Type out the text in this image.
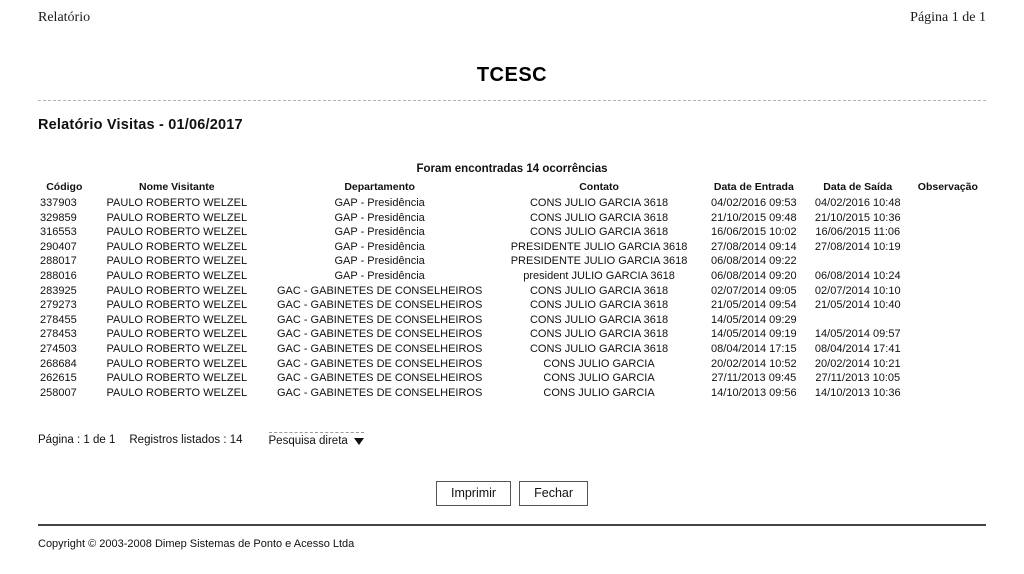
Relatório	Página 1 de 1
TCESC
Relatório Visitas - 01/06/2017
Foram encontradas 14 ocorrências
Código	Nome Visitante	Departamento	Contato	Data de Entrada	Data de Saída	Observação
337903	PAULO ROBERTO WELZEL	GAP - Presidência	CONS JULIO GARCIA 3618	04/02/2016 09:53	04/02/2016 10:48	
329859	PAULO ROBERTO WELZEL	GAP - Presidência	CONS JULIO GARCIA 3618	21/10/2015 09:48	21/10/2015 10:36	
316553	PAULO ROBERTO WELZEL	GAP - Presidência	CONS JULIO GARCIA 3618	16/06/2015 10:02	16/06/2015 11:06	
290407	PAULO ROBERTO WELZEL	GAP - Presidência	PRESIDENTE JULIO GARCIA 3618	27/08/2014 09:14	27/08/2014 10:19	
288017	PAULO ROBERTO WELZEL	GAP - Presidência	PRESIDENTE JULIO GARCIA 3618	06/08/2014 09:22		
288016	PAULO ROBERTO WELZEL	GAP - Presidência	president JULIO GARCIA 3618	06/08/2014 09:20	06/08/2014 10:24	
283925	PAULO ROBERTO WELZEL	GAC - GABINETES DE CONSELHEIROS	CONS JULIO GARCIA 3618	02/07/2014 09:05	02/07/2014 10:10	
279273	PAULO ROBERTO WELZEL	GAC - GABINETES DE CONSELHEIROS	CONS JULIO GARCIA 3618	21/05/2014 09:54	21/05/2014 10:40	
278455	PAULO ROBERTO WELZEL	GAC - GABINETES DE CONSELHEIROS	CONS JULIO GARCIA 3618	14/05/2014 09:29		
278453	PAULO ROBERTO WELZEL	GAC - GABINETES DE CONSELHEIROS	CONS JULIO GARCIA 3618	14/05/2014 09:19	14/05/2014 09:57	
274503	PAULO ROBERTO WELZEL	GAC - GABINETES DE CONSELHEIROS	CONS JULIO GARCIA 3618	08/04/2014 17:15	08/04/2014 17:41	
268684	PAULO ROBERTO WELZEL	GAC - GABINETES DE CONSELHEIROS	CONS JULIO GARCIA	20/02/2014 10:52	20/02/2014 10:21	
262615	PAULO ROBERTO WELZEL	GAC - GABINETES DE CONSELHEIROS	CONS JULIO GARCIA	27/11/2013 09:45	27/11/2013 10:05	
258007	PAULO ROBERTO WELZEL	GAC - GABINETES DE CONSELHEIROS	CONS JULIO GARCIA	14/10/2013 09:56	14/10/2013 10:36	
Página : 1 de 1 Registros listados : 14 Pesquisa direta
Imprimir	Fechar
Copyright © 2003-2008 Dimep Sistemas de Ponto e Acesso Ltda
